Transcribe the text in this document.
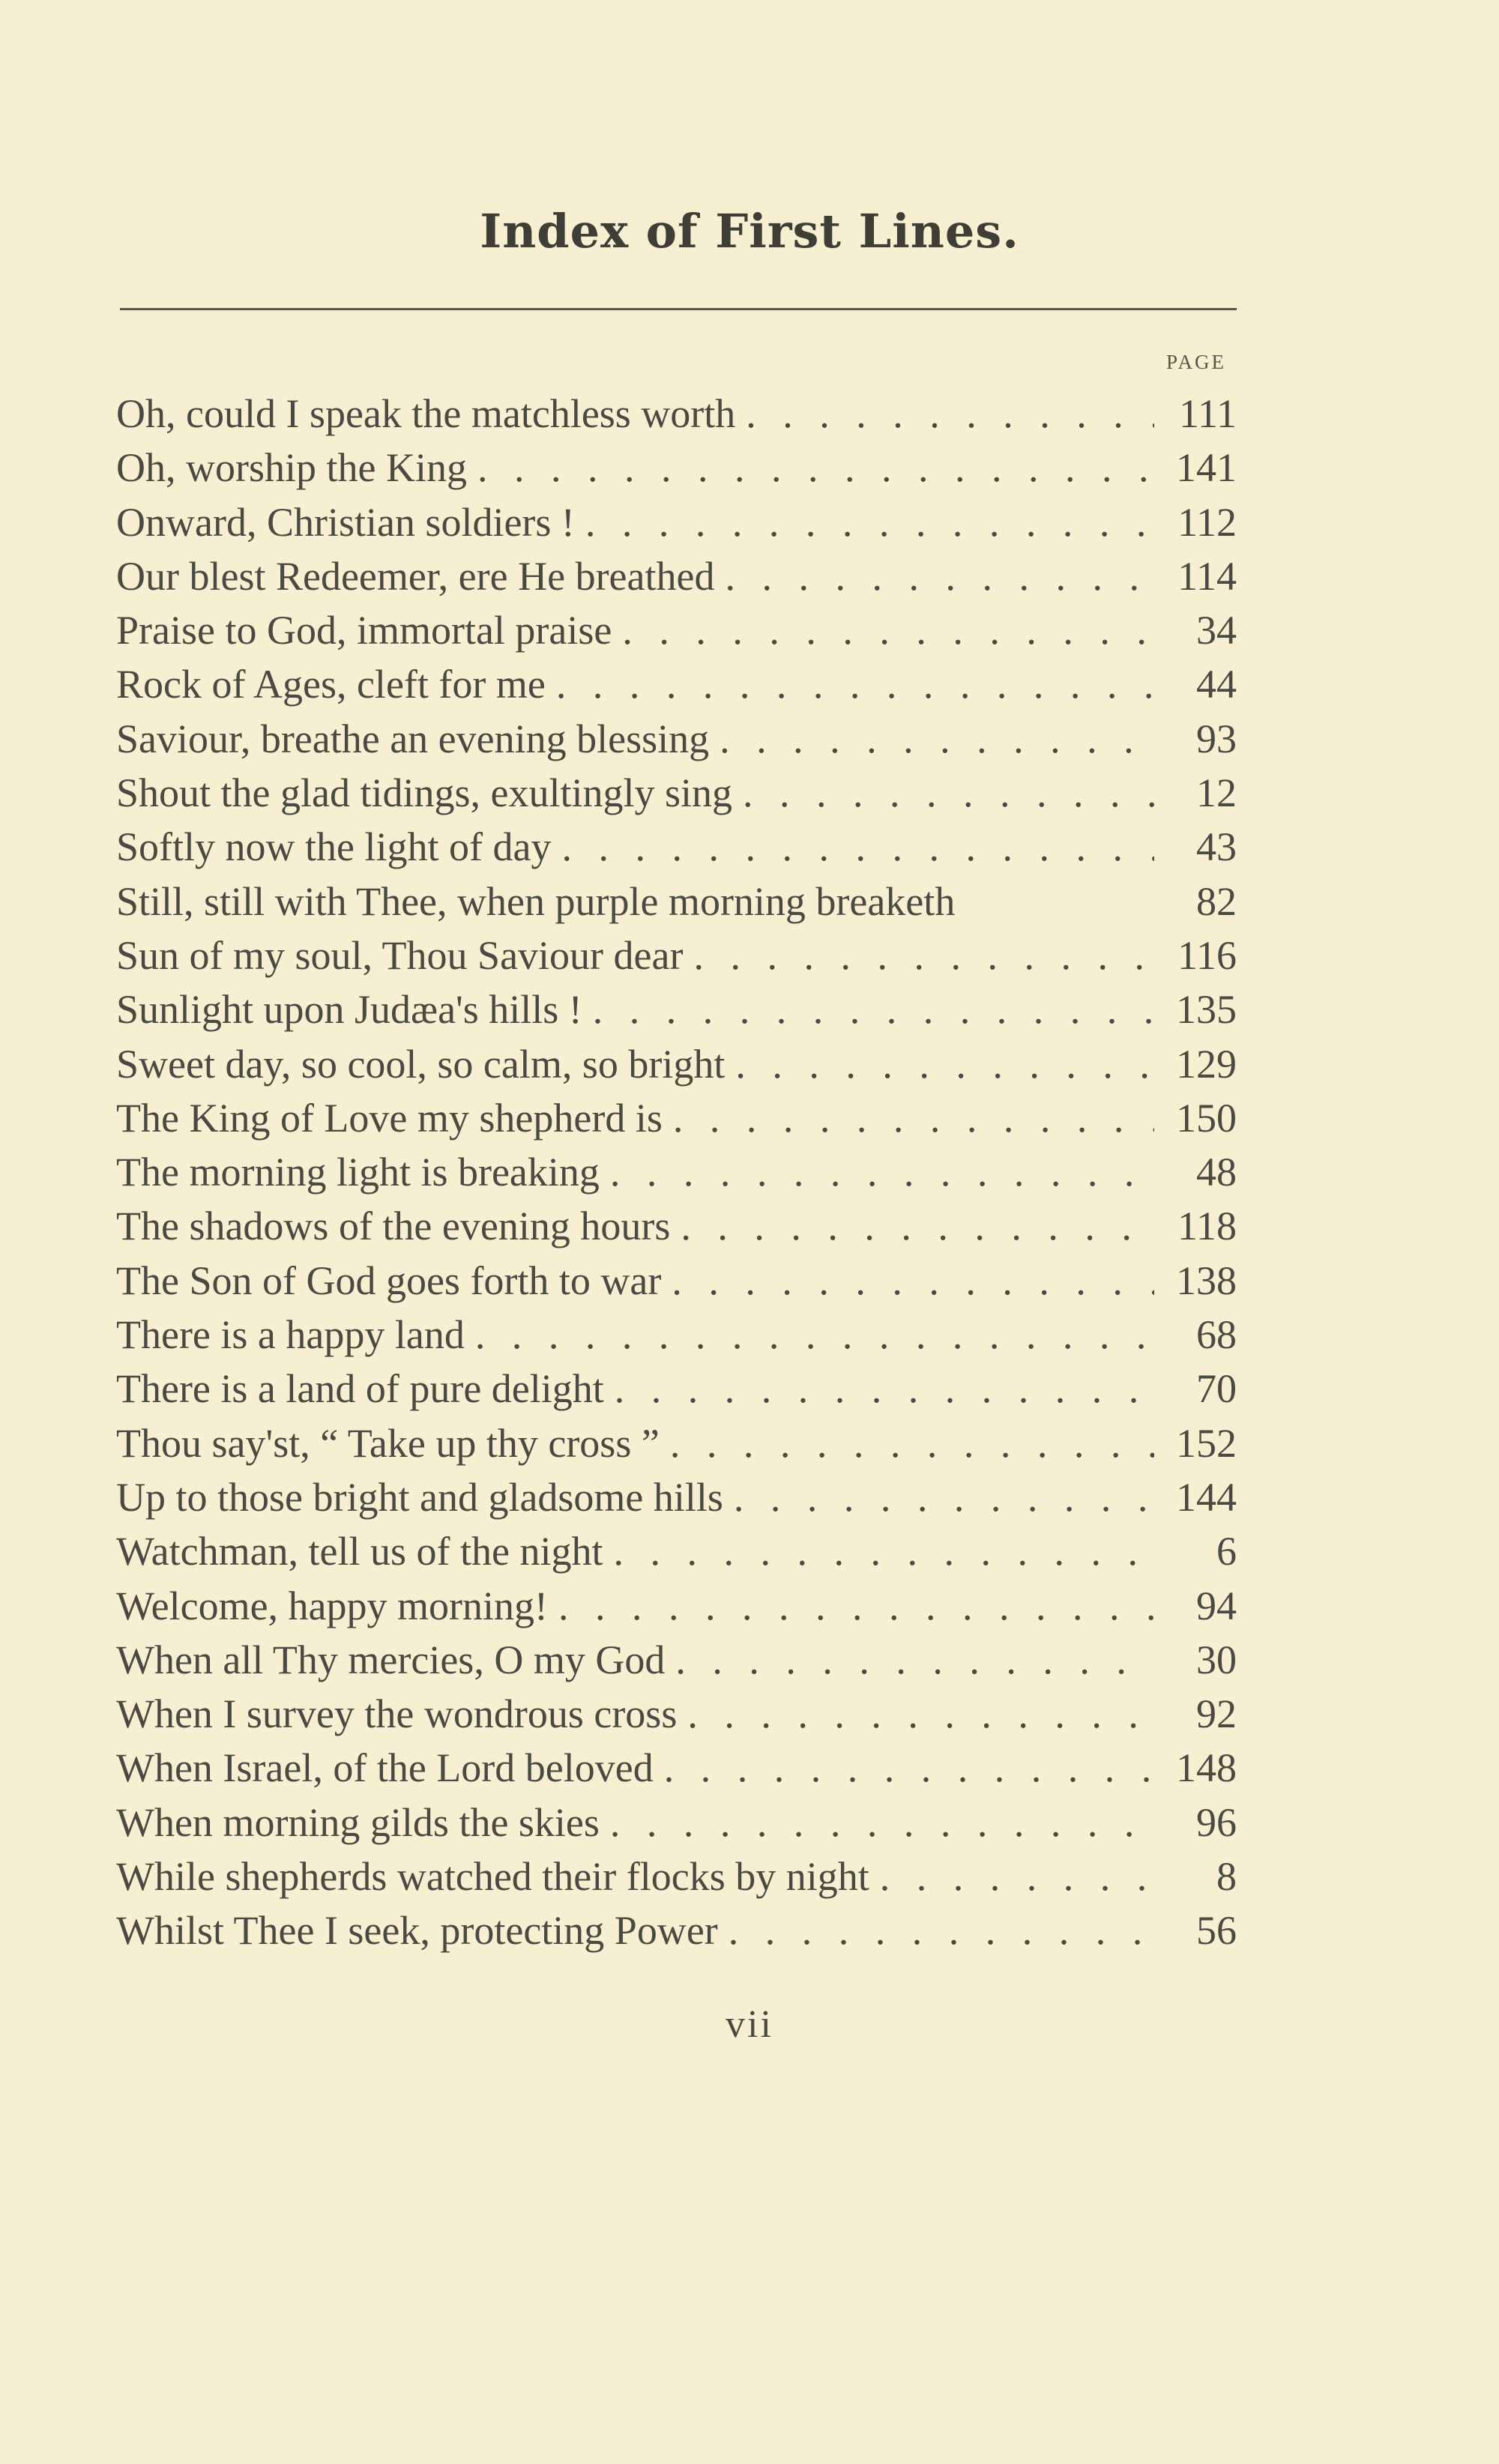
Index of First Lines.
PAGE
Oh, could I speak the matchless worth . . .	111
Oh, worship the King . . .	141
Onward, Christian soldiers ! . . .	112
Our blest Redeemer, ere He breathed . . .	114
Praise to God, immortal praise . . .	34
Rock of Ages, cleft for me . . .	44
Saviour, breathe an evening blessing . . .	93
Shout the glad tidings, exultingly sing . . .	12
Softly now the light of day . . .	43
Still, still with Thee, when purple morning breaketh	82
Sun of my soul, Thou Saviour dear . . .	116
Sunlight upon Judæa's hills ! . . .	135
Sweet day, so cool, so calm, so bright . . .	129
The King of Love my shepherd is . . .	150
The morning light is breaking . . .	48
The shadows of the evening hours . . .	118
The Son of God goes forth to war . . .	138
There is a happy land . . .	68
There is a land of pure delight . . .	70
Thou say'st, “ Take up thy cross ” . . .	152
Up to those bright and gladsome hills . . .	144
Watchman, tell us of the night . . .	6
Welcome, happy morning! . . .	94
When all Thy mercies, O my God . . .	30
When I survey the wondrous cross . . .	92
When Israel, of the Lord beloved . . .	148
When morning gilds the skies . . .	96
While shepherds watched their flocks by night . . .	8
Whilst Thee I seek, protecting Power . . .	56
vii
